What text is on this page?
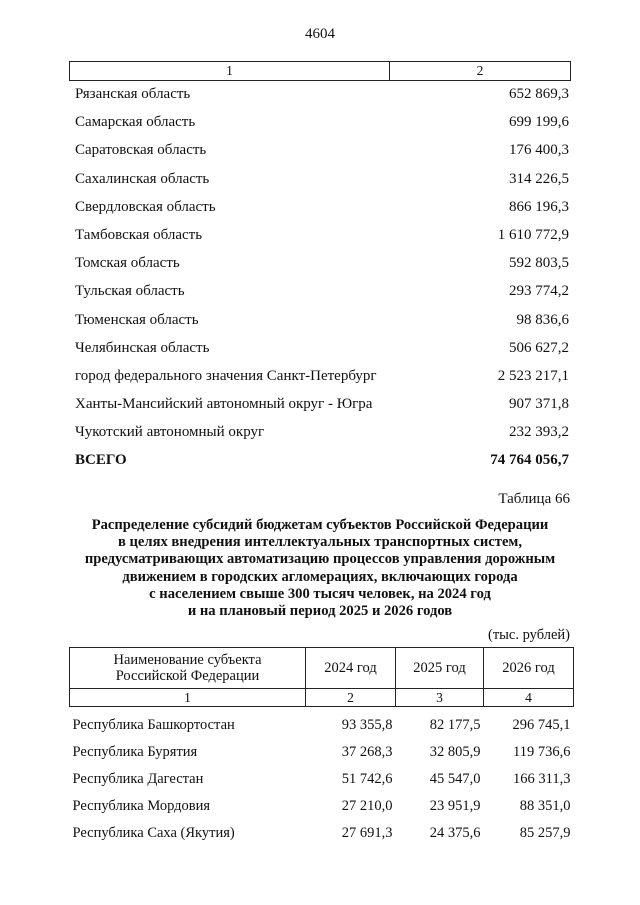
4604
1	2
Рязанская область	652 869,3
Самарская область	699 199,6
Саратовская область	176 400,3
Сахалинская область	314 226,5
Свердловская область	866 196,3
Тамбовская область	1 610 772,9
Томская область	592 803,5
Тульская область	293 774,2
Тюменская область	98 836,6
Челябинская область	506 627,2
город федерального значения Санкт-Петербург	2 523 217,1
Ханты-Мансийский автономный округ - Югра	907 371,8
Чукотский автономный округ	232 393,2
ВСЕГО	74 764 056,7
Таблица 66
Распределение субсидий бюджетам субъектов Российской Федерации
в целях внедрения интеллектуальных транспортных систем,
предусматривающих автоматизацию процессов управления дорожным
движением в городских агломерациях, включающих города
с населением свыше 300 тысяч человек, на 2024 год
и на плановый период 2025 и 2026 годов
(тыс. рублей)
Наименование субъекта
Российской Федерации	2024 год	2025 год	2026 год
1	2	3	4
Республика Башкортостан	93 355,8	82 177,5	296 745,1
Республика Бурятия	37 268,3	32 805,9	119 736,6
Республика Дагестан	51 742,6	45 547,0	166 311,3
Республика Мордовия	27 210,0	23 951,9	88 351,0
Республика Саха (Якутия)	27 691,3	24 375,6	85 257,9
